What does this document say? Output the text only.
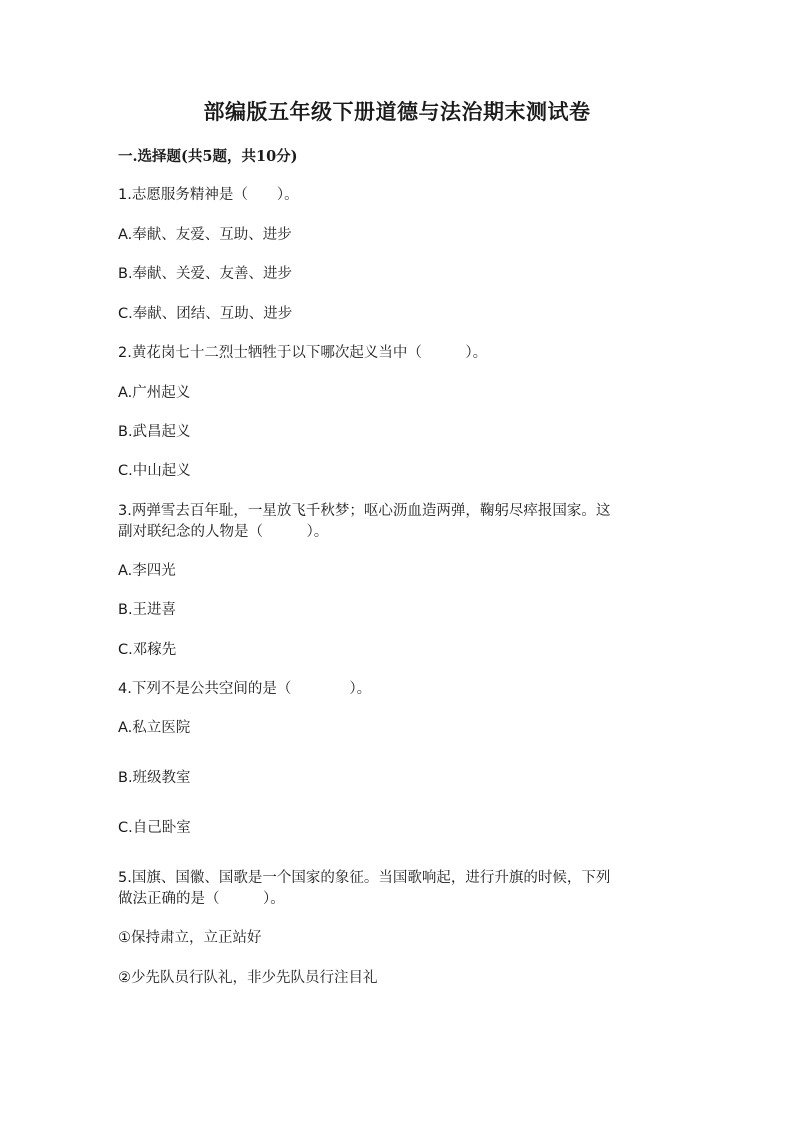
部编版五年级下册道德与法治期末测试卷
一.选择题(共5题，共10分)
1.志愿服务精神是（　　）。
A.奉献、友爱、互助、进步
B.奉献、关爱、友善、进步
C.奉献、团结、互助、进步
2.黄花岗七十二烈士牺牲于以下哪次起义当中（　　　）。
A.广州起义
B.武昌起义
C.中山起义
3.两弹雪去百年耻，一星放飞千秋梦；呕心沥血造两弹，鞠躬尽瘁报国家。这
副对联纪念的人物是（　　　）。
A.李四光
B.王进喜
C.邓稼先
4.下列不是公共空间的是（　　　　）。
A.私立医院
B.班级教室
C.自己卧室
5.国旗、国徽、国歌是一个国家的象征。当国歌响起，进行升旗的时候，下列
做法正确的是（　　　）。
①保持肃立，立正站好
②少先队员行队礼，非少先队员行注目礼
